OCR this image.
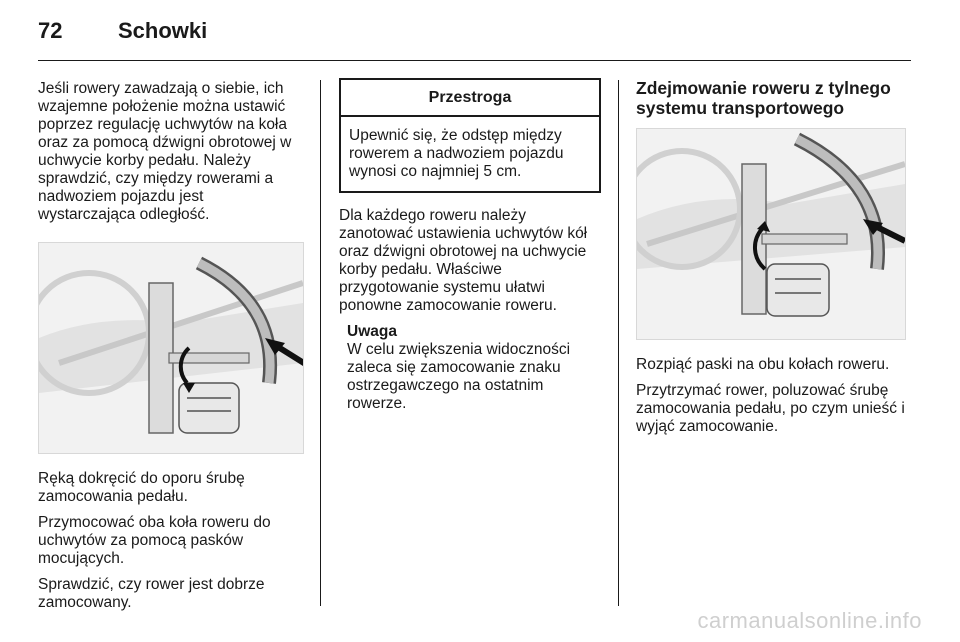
72	Schowki

Jeśli rowery zawadzają o siebie, ich wzajemne położenie można ustawić poprzez regulację uchwytów na koła oraz za pomocą dźwigni obrotowej w uchwycie korby pedału. Należy sprawdzić, czy między rowerami a nadwoziem pojazdu jest wystarczająca odległość.

Ręką dokręcić do oporu śrubę zamocowania pedału.

Przymocować oba koła roweru do uchwytów za pomocą pasków mocujących.

Sprawdzić, czy rower jest dobrze zamocowany.

Przestroga
Upewnić się, że odstęp między rowerem a nadwoziem pojazdu wynosi co najmniej 5 cm.

Dla każdego roweru należy zanotować ustawienia uchwytów kół oraz dźwigni obrotowej na uchwycie korby pedału. Właściwe przygotowanie systemu ułatwi ponowne zamocowanie roweru.

Uwaga
W celu zwiększenia widoczności zaleca się zamocowanie znaku ostrzegawczego na ostatnim rowerze.
Zdejmowanie roweru z tylnego systemu transportowego

Rozpiąć paski na obu kołach roweru.

Przytrzymać rower, poluzować śrubę zamocowania pedału, po czym unieść i wyjąć zamocowanie.

carmanualsonline.info
